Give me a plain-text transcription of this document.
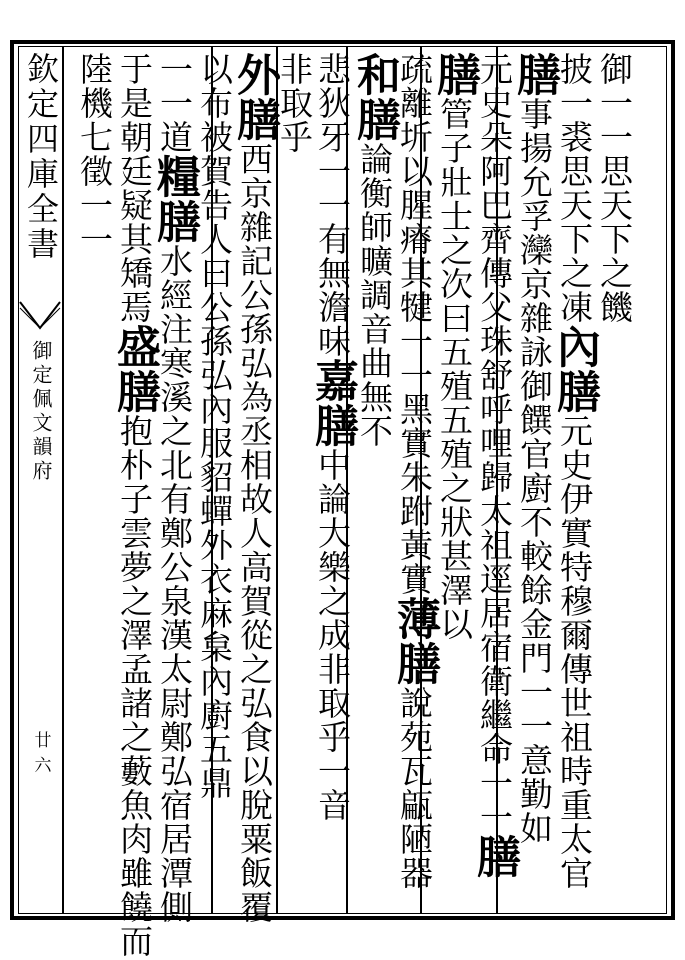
欽定四庫全書
御定佩文韻府
廿六
御一一思天下之饑
披一裘思天下之凍內膳元史伊實特穆爾傳世祖時重太官
膳事揚允孚灤京雜詠御饌官廚不較餘金門一一意勤如
元史朵阿巴齊傳父珠舒呼哩歸太祖逕居宿衛繼命一一膳
膳管子壯士之次曰五殖五殖之狀甚澤以
疏離圻以腥瘠其犍一一黑實朱跗黃實薄膳說苑瓦甂陋器
和膳論衡師曠調音曲無不
悲狄牙一一有無澹味嘉膳中論大樂之成非取乎一音
非取乎
外膳西京雜記公孫弘為丞相故人高賀從之弘食以脫粟飯覆
以布被賀告人曰公孫弘內服貂蟬外衣麻枲內廚五鼎
一一道糧膳水經注寒溪之北有鄭公泉漢太尉鄭弘宿居潭側
于是朝廷疑其矯焉盛膳抱朴子雲夢之澤孟諸之藪魚肉雖饒而
陸機七徵一一
